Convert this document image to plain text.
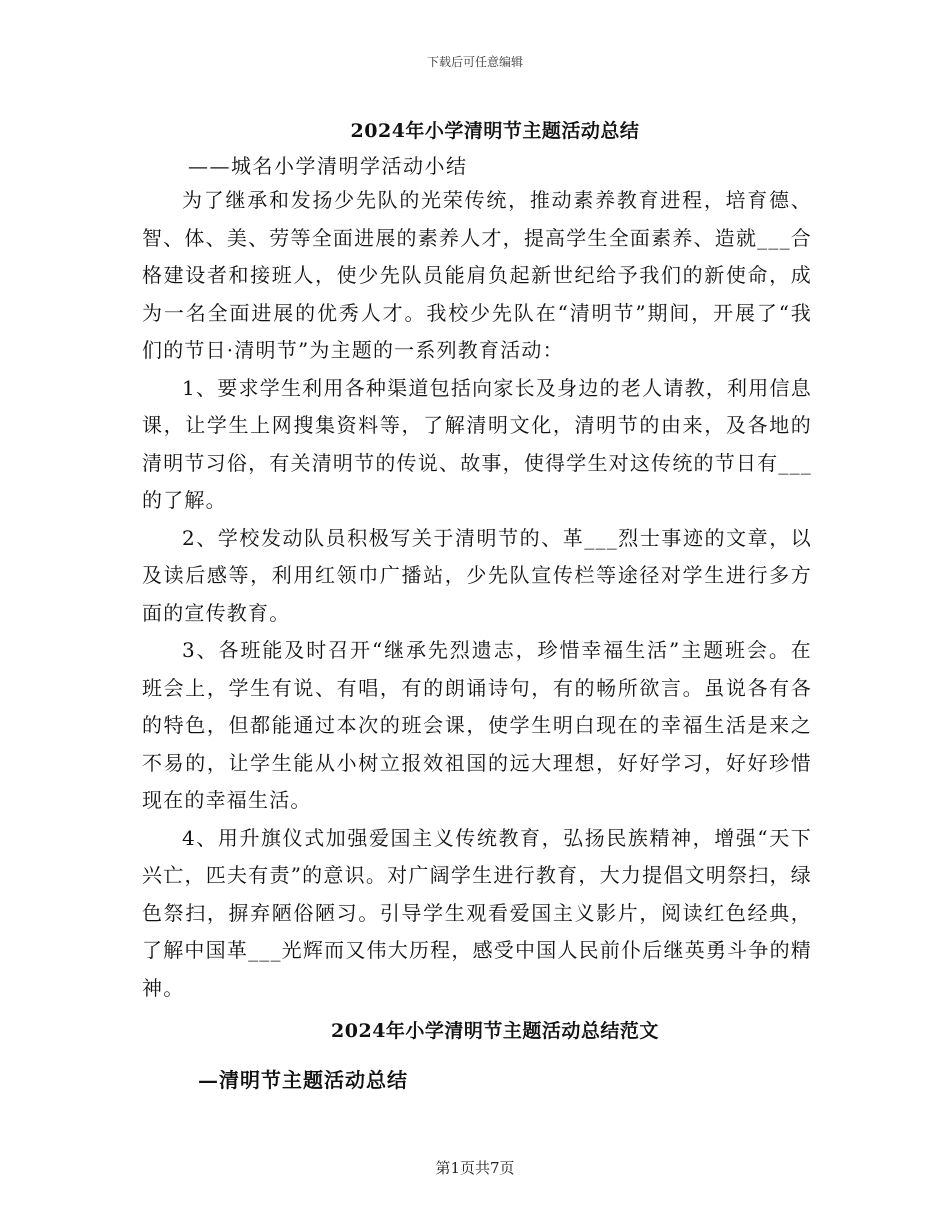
下载后可任意编辑
2024年小学清明节主题活动总结
——城名小学清明学活动小结

为了继承和发扬少先队的光荣传统，推动素养教育进程，培育德、智、体、美、劳等全面进展的素养人才，提高学生全面素养、造就___合格建设者和接班人，使少先队员能肩负起新世纪给予我们的新使命，成为一名全面进展的优秀人才。我校少先队在“清明节”期间，开展了“我们的节日·清明节”为主题的一系列教育活动：

1、要求学生利用各种渠道包括向家长及身边的老人请教，利用信息课，让学生上网搜集资料等，了解清明文化，清明节的由来，及各地的清明节习俗，有关清明节的传说、故事，使得学生对这传统的节日有___的了解。

2、学校发动队员积极写关于清明节的、革___烈士事迹的文章，以及读后感等，利用红领巾广播站，少先队宣传栏等途径对学生进行多方面的宣传教育。

3、各班能及时召开“继承先烈遗志，珍惜幸福生活”主题班会。在班会上，学生有说、有唱，有的朗诵诗句，有的畅所欲言。虽说各有各的特色，但都能通过本次的班会课，使学生明白现在的幸福生活是来之不易的，让学生能从小树立报效祖国的远大理想，好好学习，好好珍惜现在的幸福生活。

4、用升旗仪式加强爱国主义传统教育，弘扬民族精神，增强“天下兴亡，匹夫有责”的意识。对广阔学生进行教育，大力提倡文明祭扫，绿色祭扫，摒弃陋俗陋习。引导学生观看爱国主义影片，阅读红色经典，了解中国革___光辉而又伟大历程，感受中国人民前仆后继英勇斗争的精神。

2024年小学清明节主题活动总结范文
—清明节主题活动总结
第1页共7页
